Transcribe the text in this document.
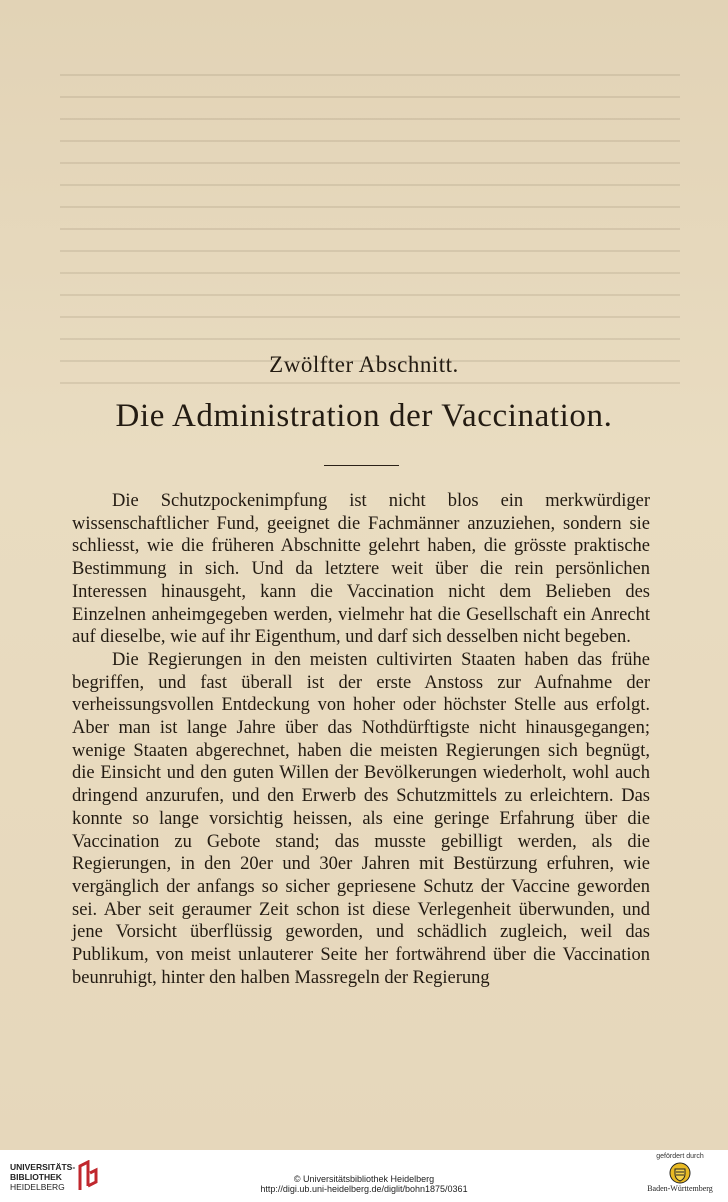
Zwölfter Abschnitt.
Die Administration der Vaccination.

Die Schutzpockenimpfung ist nicht blos ein merkwürdiger wissenschaftlicher Fund, geeignet die Fachmänner anzuziehen, sondern sie schliesst, wie die früheren Abschnitte gelehrt haben, die grösste praktische Bestimmung in sich. Und da letztere weit über die rein persönlichen Interessen hinausgeht, kann die Vaccination nicht dem Belieben des Einzelnen anheimgegeben werden, vielmehr hat die Gesellschaft ein Anrecht auf dieselbe, wie auf ihr Eigenthum, und darf sich desselben nicht begeben.

Die Regierungen in den meisten cultivirten Staaten haben das frühe begriffen, und fast überall ist der erste Anstoss zur Aufnahme der verheissungsvollen Entdeckung von hoher oder höchster Stelle aus erfolgt. Aber man ist lange Jahre über das Nothdürftigste nicht hinausgegangen; wenige Staaten abgerechnet, haben die meisten Regierungen sich begnügt, die Einsicht und den guten Willen der Bevölkerungen wiederholt, wohl auch dringend anzurufen, und den Erwerb des Schutzmittels zu erleichtern. Das konnte so lange vorsichtig heissen, als eine geringe Erfahrung über die Vaccination zu Gebote stand; das musste gebilligt werden, als die Regierungen, in den 20er und 30er Jahren mit Bestürzung erfuhren, wie vergänglich der anfangs so sicher gepriesene Schutz der Vaccine geworden sei. Aber seit geraumer Zeit schon ist diese Verlegenheit überwunden, und jene Vorsicht überflüssig geworden, und schädlich zugleich, weil das Publikum, von meist unlauterer Seite her fortwährend über die Vaccination beunruhigt, hinter den halben Massregeln der Regierung

UNIVERSITÄTS-
BIBLIOTHEK
HEIDELBERG
© Universitätsbibliothek Heidelberg
http://digi.ub.uni-heidelberg.de/diglit/bohn1875/0361
gefördert durch
Baden-Württemberg
